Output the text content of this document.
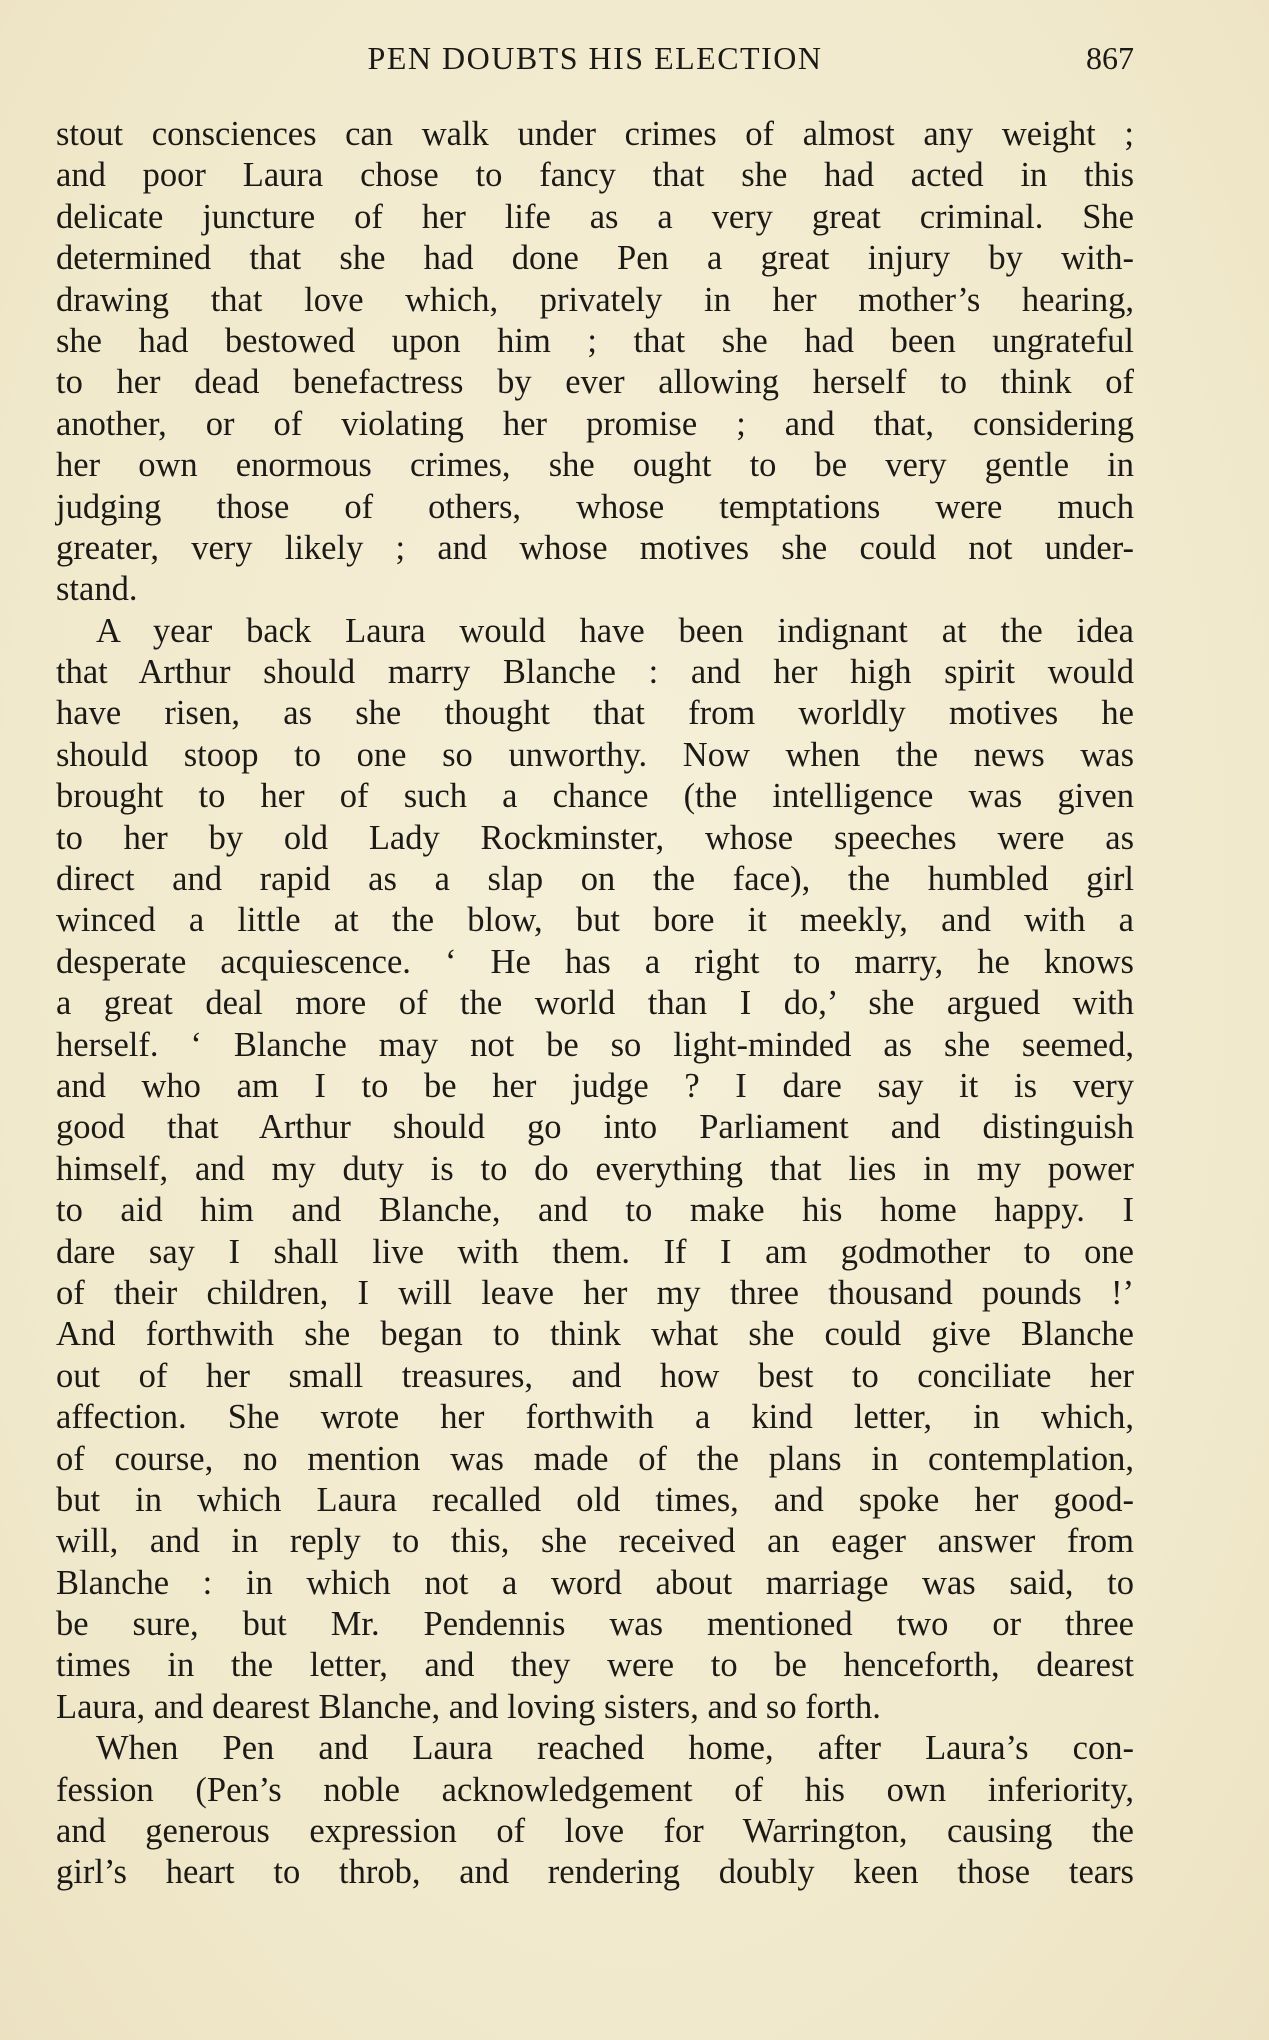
PEN DOUBTS HIS ELECTION	867
stout consciences can walk under crimes of almost any weight ;
and poor Laura chose to fancy that she had acted in this
delicate juncture of her life as a very great criminal. She
determined that she had done Pen a great injury by with-
drawing that love which, privately in her mother’s hearing,
she had bestowed upon him ; that she had been ungrateful
to her dead benefactress by ever allowing herself to think of
another, or of violating her promise ; and that, considering
her own enormous crimes, she ought to be very gentle in
judging those of others, whose temptations were much
greater, very likely ; and whose motives she could not under-
stand.
A year back Laura would have been indignant at the idea
that Arthur should marry Blanche : and her high spirit would
have risen, as she thought that from worldly motives he
should stoop to one so unworthy. Now when the news was
brought to her of such a chance (the intelligence was given
to her by old Lady Rockminster, whose speeches were as
direct and rapid as a slap on the face), the humbled girl
winced a little at the blow, but bore it meekly, and with a
desperate acquiescence. ‘ He has a right to marry, he knows
a great deal more of the world than I do,’ she argued with
herself. ‘ Blanche may not be so light-minded as she seemed,
and who am I to be her judge ? I dare say it is very
good that Arthur should go into Parliament and distinguish
himself, and my duty is to do everything that lies in my power
to aid him and Blanche, and to make his home happy. I
dare say I shall live with them. If I am godmother to one
of their children, I will leave her my three thousand pounds !’
And forthwith she began to think what she could give Blanche
out of her small treasures, and how best to conciliate her
affection. She wrote her forthwith a kind letter, in which,
of course, no mention was made of the plans in contemplation,
but in which Laura recalled old times, and spoke her good-
will, and in reply to this, she received an eager answer from
Blanche : in which not a word about marriage was said, to
be sure, but Mr. Pendennis was mentioned two or three
times in the letter, and they were to be henceforth, dearest
Laura, and dearest Blanche, and loving sisters, and so forth.
When Pen and Laura reached home, after Laura’s con-
fession (Pen’s noble acknowledgement of his own inferiority,
and generous expression of love for Warrington, causing the
girl’s heart to throb, and rendering doubly keen those tears
